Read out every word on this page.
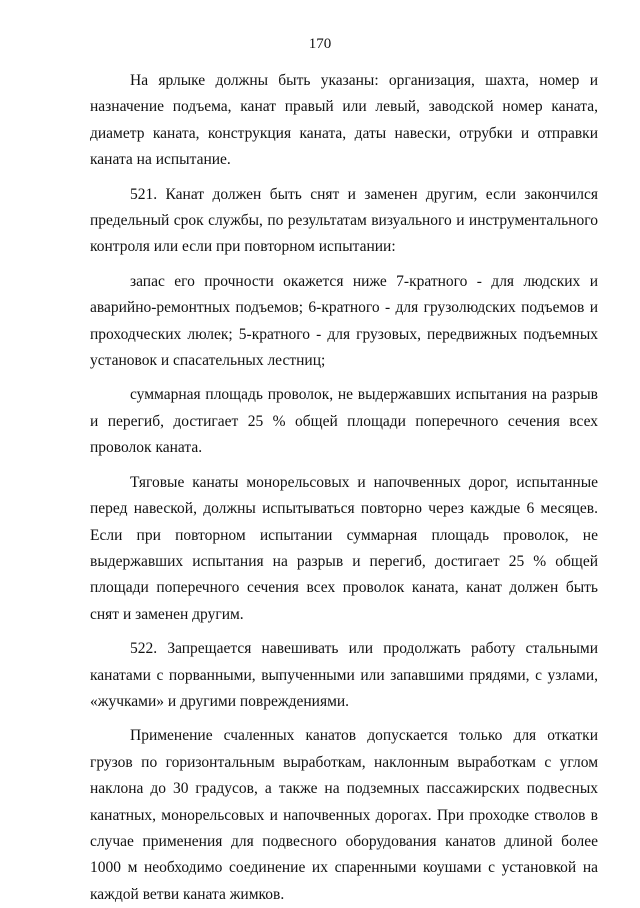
170

На ярлыке должны быть указаны: организация, шахта, номер и назначение подъема, канат правый или левый, заводской номер каната, диаметр каната, конструкция каната, даты навески, отрубки и отправки каната на испытание.

521. Канат должен быть снят и заменен другим, если закончился предельный срок службы, по результатам визуального и инструментального контроля или если при повторном испытании:

запас его прочности окажется ниже 7-кратного - для людских и аварийно-ремонтных подъемов; 6-кратного - для грузолюдских подъемов и проходческих люлек; 5-кратного - для грузовых, передвижных подъемных установок и спасательных лестниц;

суммарная площадь проволок, не выдержавших испытания на разрыв и перегиб, достигает 25 % общей площади поперечного сечения всех проволок каната.

Тяговые канаты монорельсовых и напочвенных дорог, испытанные перед навеской, должны испытываться повторно через каждые 6 месяцев. Если при повторном испытании суммарная площадь проволок, не выдержавших испытания на разрыв и перегиб, достигает 25 % общей площади поперечного сечения всех проволок каната, канат должен быть снят и заменен другим.

522. Запрещается навешивать или продолжать работу стальными канатами с порванными, выпученными или запавшими прядями, с узлами, «жучками» и другими повреждениями.

Применение счаленных канатов допускается только для откатки грузов по горизонтальным выработкам, наклонным выработкам с углом наклона до 30 градусов, а также на подземных пассажирских подвесных канатных, монорельсовых и напочвенных дорогах. При проходке стволов в случае применения для подвесного оборудования канатов длиной более 1000 м необходимо соединение их спаренными коушами с установкой на каждой ветви каната жимков.
